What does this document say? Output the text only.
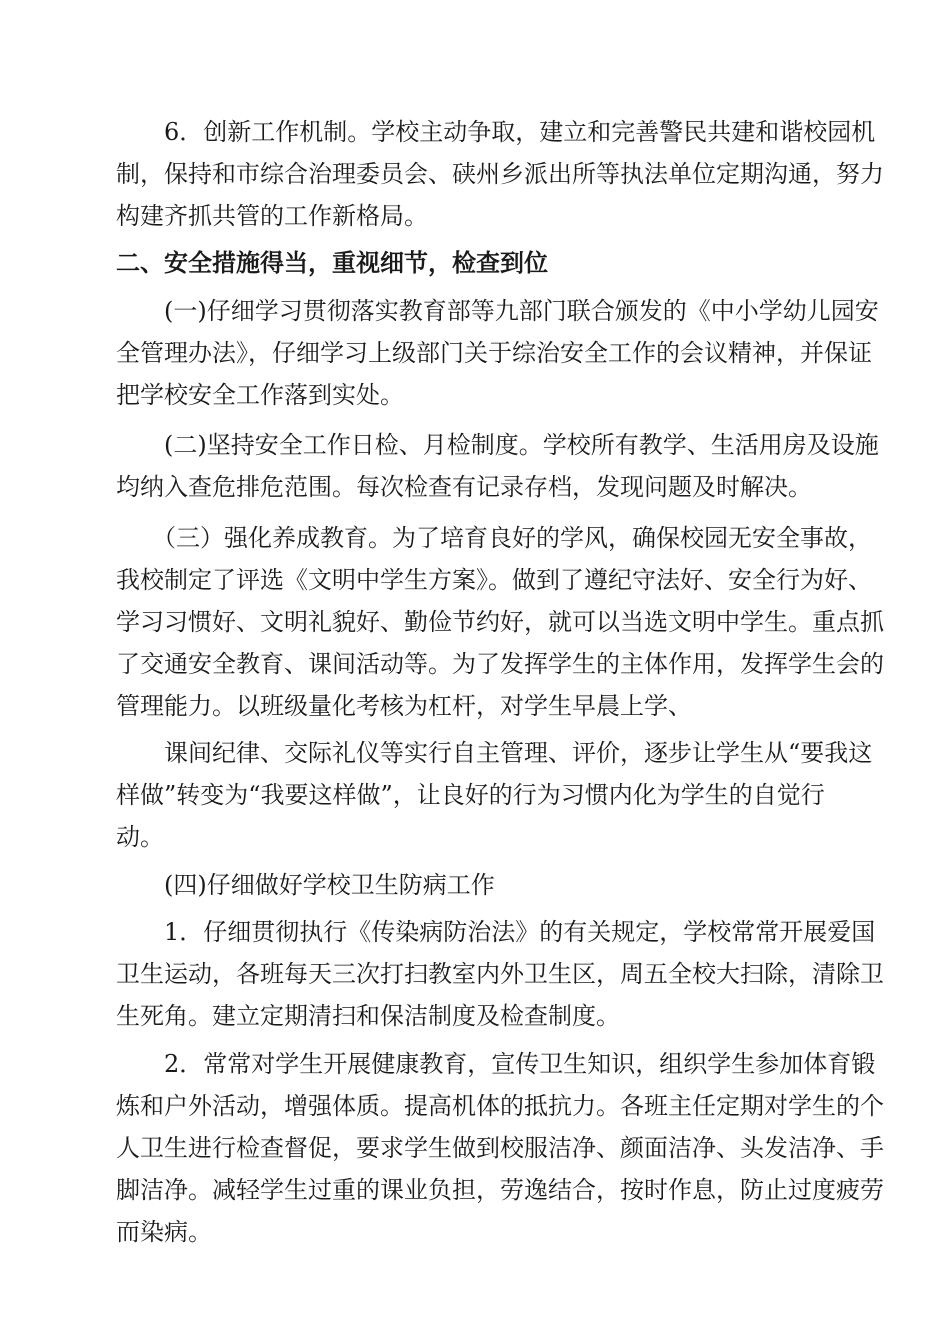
6．创新工作机制。学校主动争取，建立和完善警民共建和谐校园机
制，保持和市综合治理委员会、硖州乡派出所等执法单位定期沟通，努力
构建齐抓共管的工作新格局。
二、安全措施得当，重视细节，检查到位
(一)仔细学习贯彻落实教育部等九部门联合颁发的《中小学幼儿园安
全管理办法》，仔细学习上级部门关于综治安全工作的会议精神，并保证
把学校安全工作落到实处。
(二)坚持安全工作日检、月检制度。学校所有教学、生活用房及设施
均纳入查危排危范围。每次检查有记录存档，发现问题及时解决。
（三）强化养成教育。为了培育良好的学风，确保校园无安全事故，
我校制定了评选《文明中学生方案》。做到了遵纪守法好、安全行为好、
学习习惯好、文明礼貌好、勤俭节约好，就可以当选文明中学生。重点抓
了交通安全教育、课间活动等。为了发挥学生的主体作用，发挥学生会的
管理能力。以班级量化考核为杠杆，对学生早晨上学、
课间纪律、交际礼仪等实行自主管理、评价，逐步让学生从“要我这
样做”转变为“我要这样做”，让良好的行为习惯内化为学生的自觉行
动。
(四)仔细做好学校卫生防病工作
1．仔细贯彻执行《传染病防治法》的有关规定，学校常常开展爱国
卫生运动，各班每天三次打扫教室内外卫生区，周五全校大扫除，清除卫
生死角。建立定期清扫和保洁制度及检查制度。
2．常常对学生开展健康教育，宣传卫生知识，组织学生参加体育锻
炼和户外活动，增强体质。提高机体的抵抗力。各班主任定期对学生的个
人卫生进行检查督促，要求学生做到校服洁净、颜面洁净、头发洁净、手
脚洁净。减轻学生过重的课业负担，劳逸结合，按时作息，防止过度疲劳
而染病。
